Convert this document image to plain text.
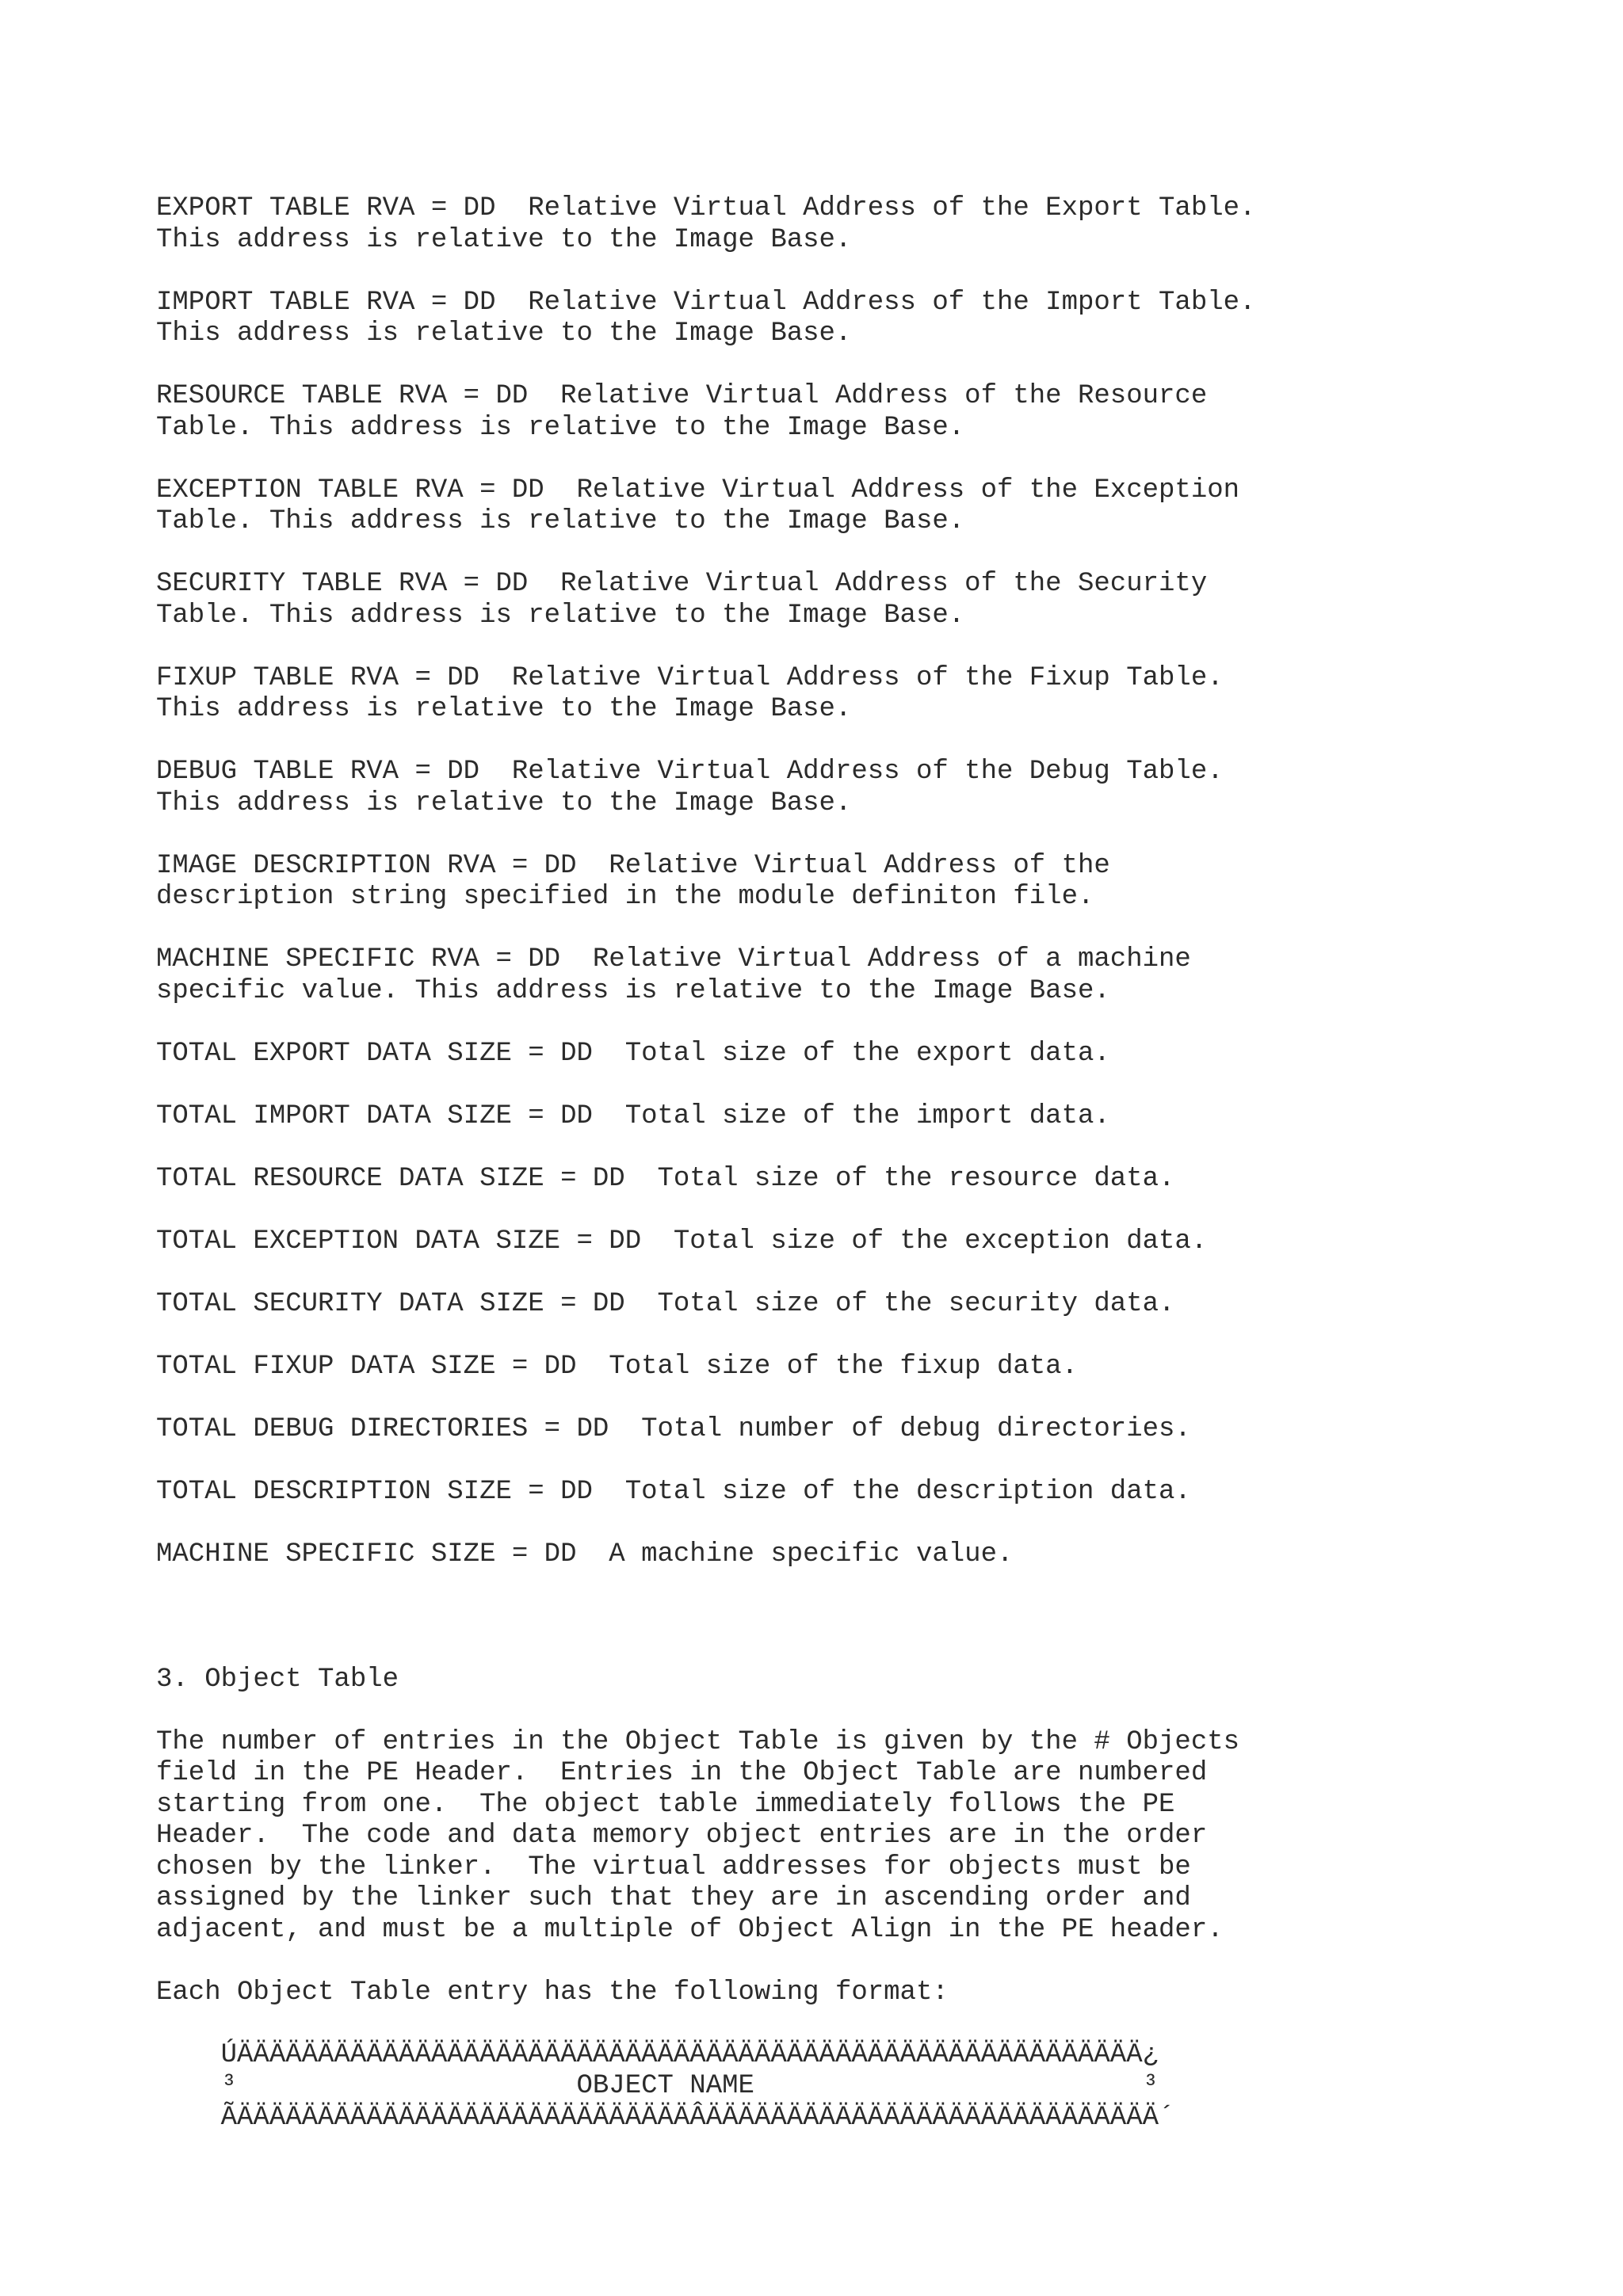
EXPORT TABLE RVA = DD  Relative Virtual Address of the Export Table.
This address is relative to the Image Base.
IMPORT TABLE RVA = DD  Relative Virtual Address of the Import Table.
This address is relative to the Image Base.
RESOURCE TABLE RVA = DD  Relative Virtual Address of the Resource
Table. This address is relative to the Image Base.
EXCEPTION TABLE RVA = DD  Relative Virtual Address of the Exception
Table. This address is relative to the Image Base.
SECURITY TABLE RVA = DD  Relative Virtual Address of the Security
Table. This address is relative to the Image Base.
FIXUP TABLE RVA = DD  Relative Virtual Address of the Fixup Table.
This address is relative to the Image Base.
DEBUG TABLE RVA = DD  Relative Virtual Address of the Debug Table.
This address is relative to the Image Base.
IMAGE DESCRIPTION RVA = DD  Relative Virtual Address of the
description string specified in the module definiton file.
MACHINE SPECIFIC RVA = DD  Relative Virtual Address of a machine
specific value. This address is relative to the Image Base.
TOTAL EXPORT DATA SIZE = DD  Total size of the export data.
TOTAL IMPORT DATA SIZE = DD  Total size of the import data.
TOTAL RESOURCE DATA SIZE = DD  Total size of the resource data.
TOTAL EXCEPTION DATA SIZE = DD  Total size of the exception data.
TOTAL SECURITY DATA SIZE = DD  Total size of the security data.
TOTAL FIXUP DATA SIZE = DD  Total size of the fixup data.
TOTAL DEBUG DIRECTORIES = DD  Total number of debug directories.
TOTAL DESCRIPTION SIZE = DD  Total size of the description data.
MACHINE SPECIFIC SIZE = DD  A machine specific value.
3. Object Table
The number of entries in the Object Table is given by the # Objects
field in the PE Header.  Entries in the Object Table are numbered
starting from one.  The object table immediately follows the PE
Header.  The code and data memory object entries are in the order
chosen by the linker.  The virtual addresses for objects must be
assigned by the linker such that they are in ascending order and
adjacent, and must be a multiple of Object Align in the PE header.
Each Object Table entry has the following format:
ÚÄÄÄÄÄÄÄÄÄÄÄÄÄÄÄÄÄÄÄÄÄÄÄÄÄÄÄÄÄÄÄÄÄÄÄÄÄÄÄÄÄÄÄÄÄÄÄÄÄÄÄÄÄÄÄÄ¿
³                     OBJECT NAME                        ³
ÃÄÄÄÄÄÄÄÄÄÄÄÄÄÄÄÄÄÄÄÄÄÄÄÄÄÄÄÄÂÄÄÄÄÄÄÄÄÄÄÄÄÄÄÄÄÄÄÄÄÄÄÄÄÄÄÄÄ´
